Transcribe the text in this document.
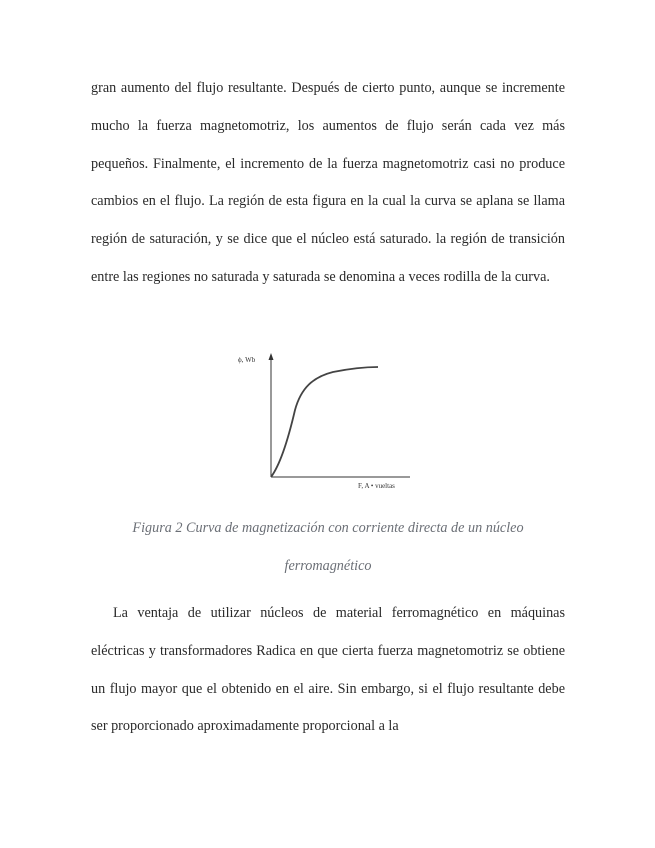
gran aumento del flujo resultante. Después de cierto punto, aunque se incremente mucho la fuerza magnetomotriz, los aumentos de flujo serán cada vez más pequeños. Finalmente, el incremento de la fuerza magnetomotriz casi no produce cambios en el flujo. La región de esta figura en la cual la curva se aplana se llama región de saturación, y se dice que el núcleo está saturado. la región de transición entre las regiones no saturada y saturada se denomina a veces rodilla de la curva.

ϕ, Wb
F, A • vueltas

Figura 2 Curva de magnetización con corriente directa de un núcleo ferromagnético

La ventaja de utilizar núcleos de material ferromagnético en máquinas eléctricas y transformadores Radica en que cierta fuerza magnetomotriz se obtiene un flujo mayor que el obtenido en el aire. Sin embargo, si el flujo resultante debe ser proporcionado aproximadamente proporcional a la
